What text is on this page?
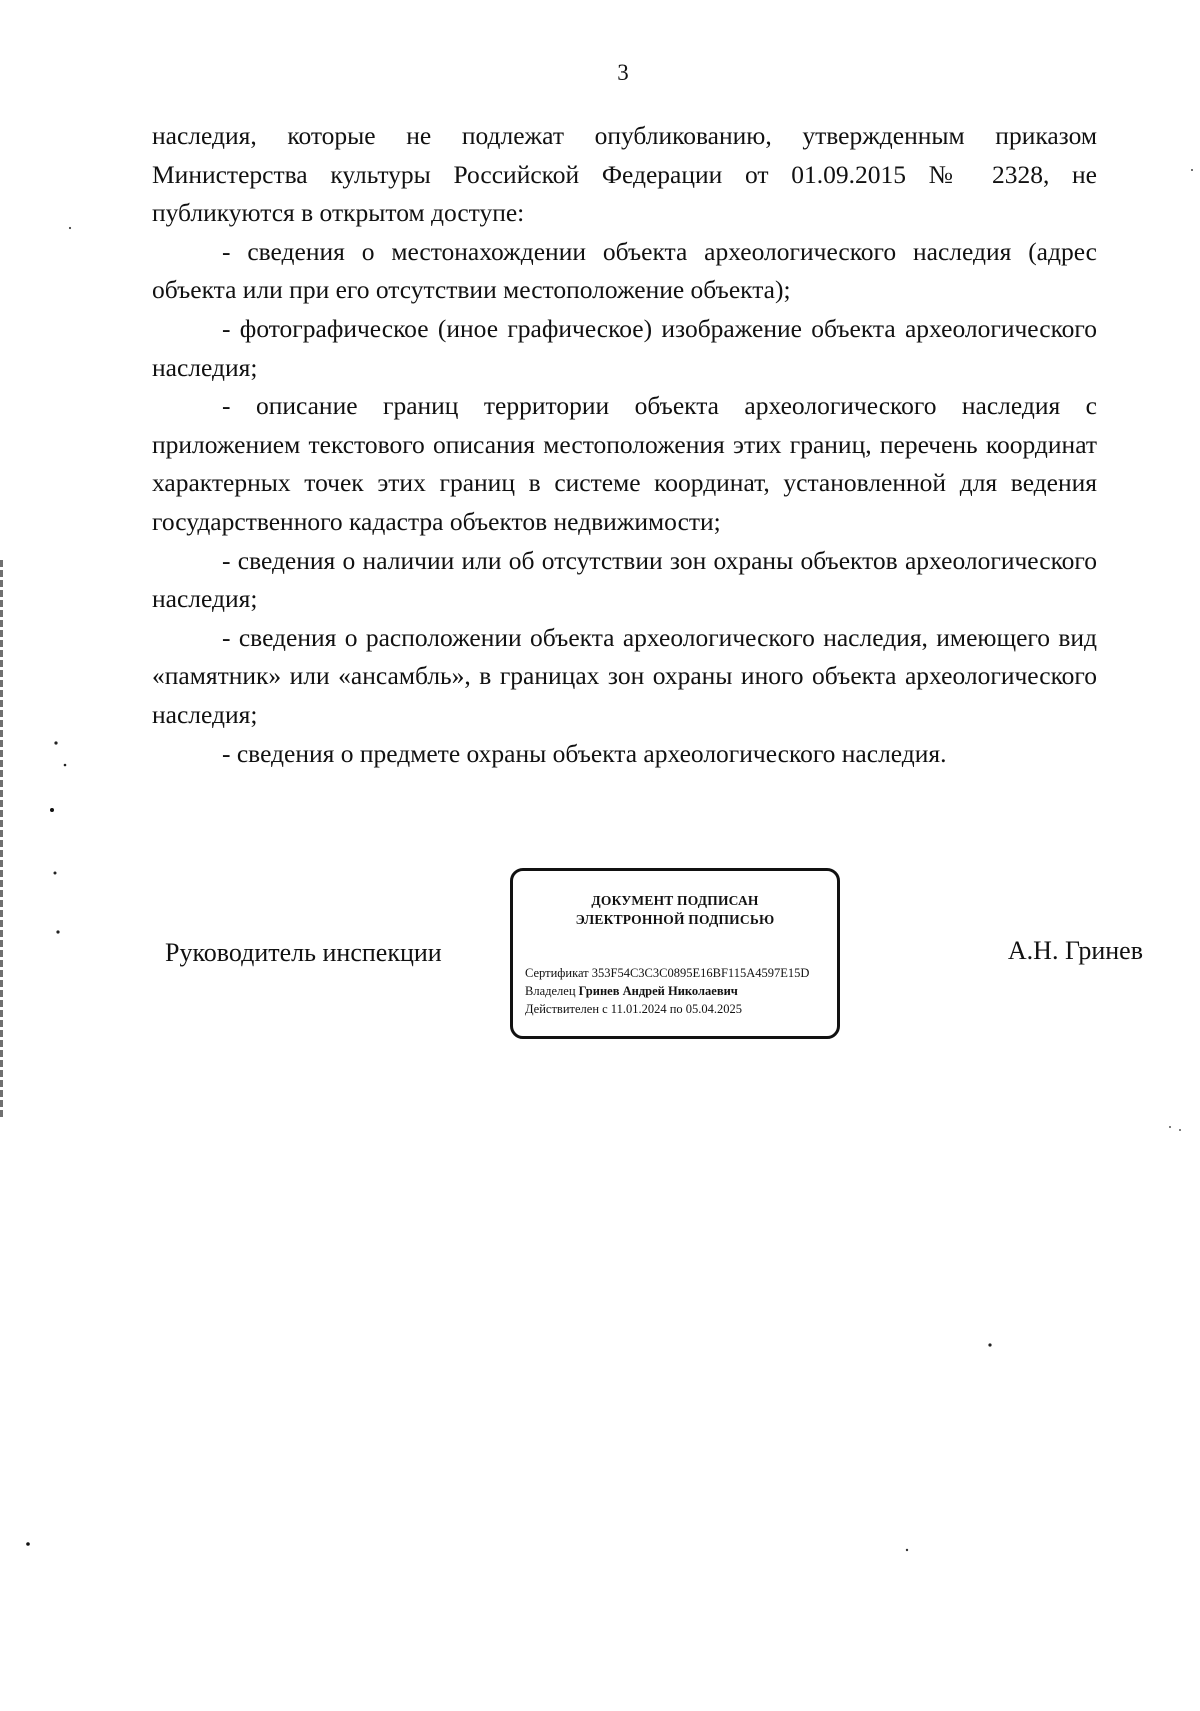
3

наследия, которые не подлежат опубликованию, утвержденным приказом Министерства культуры Российской Федерации от 01.09.2015 № 2328, не публикуются в открытом доступе:

- сведения о местонахождении объекта археологического наследия (адрес объекта или при его отсутствии местоположение объекта);

- фотографическое (иное графическое) изображение объекта археологического наследия;

- описание границ территории объекта археологического наследия с приложением текстового описания местоположения этих границ, перечень координат характерных точек этих границ в системе координат, установленной для ведения государственного кадастра объектов недвижимости;

- сведения о наличии или об отсутствии зон охраны объектов археологического наследия;

- сведения о расположении объекта археологического наследия, имеющего вид «памятник» или «ансамбль», в границах зон охраны иного объекта археологического наследия;

- сведения о предмете охраны объекта археологического наследия.

Руководитель инспекции
ДОКУМЕНТ ПОДПИСАН
ЭЛЕКТРОННОЙ ПОДПИСЬЮ
Сертификат 353F54C3C3C0895E16BF115A4597E15D
Владелец Гринев Андрей Николаевич
Действителен с 11.01.2024 по 05.04.2025
А.Н. Гринев
